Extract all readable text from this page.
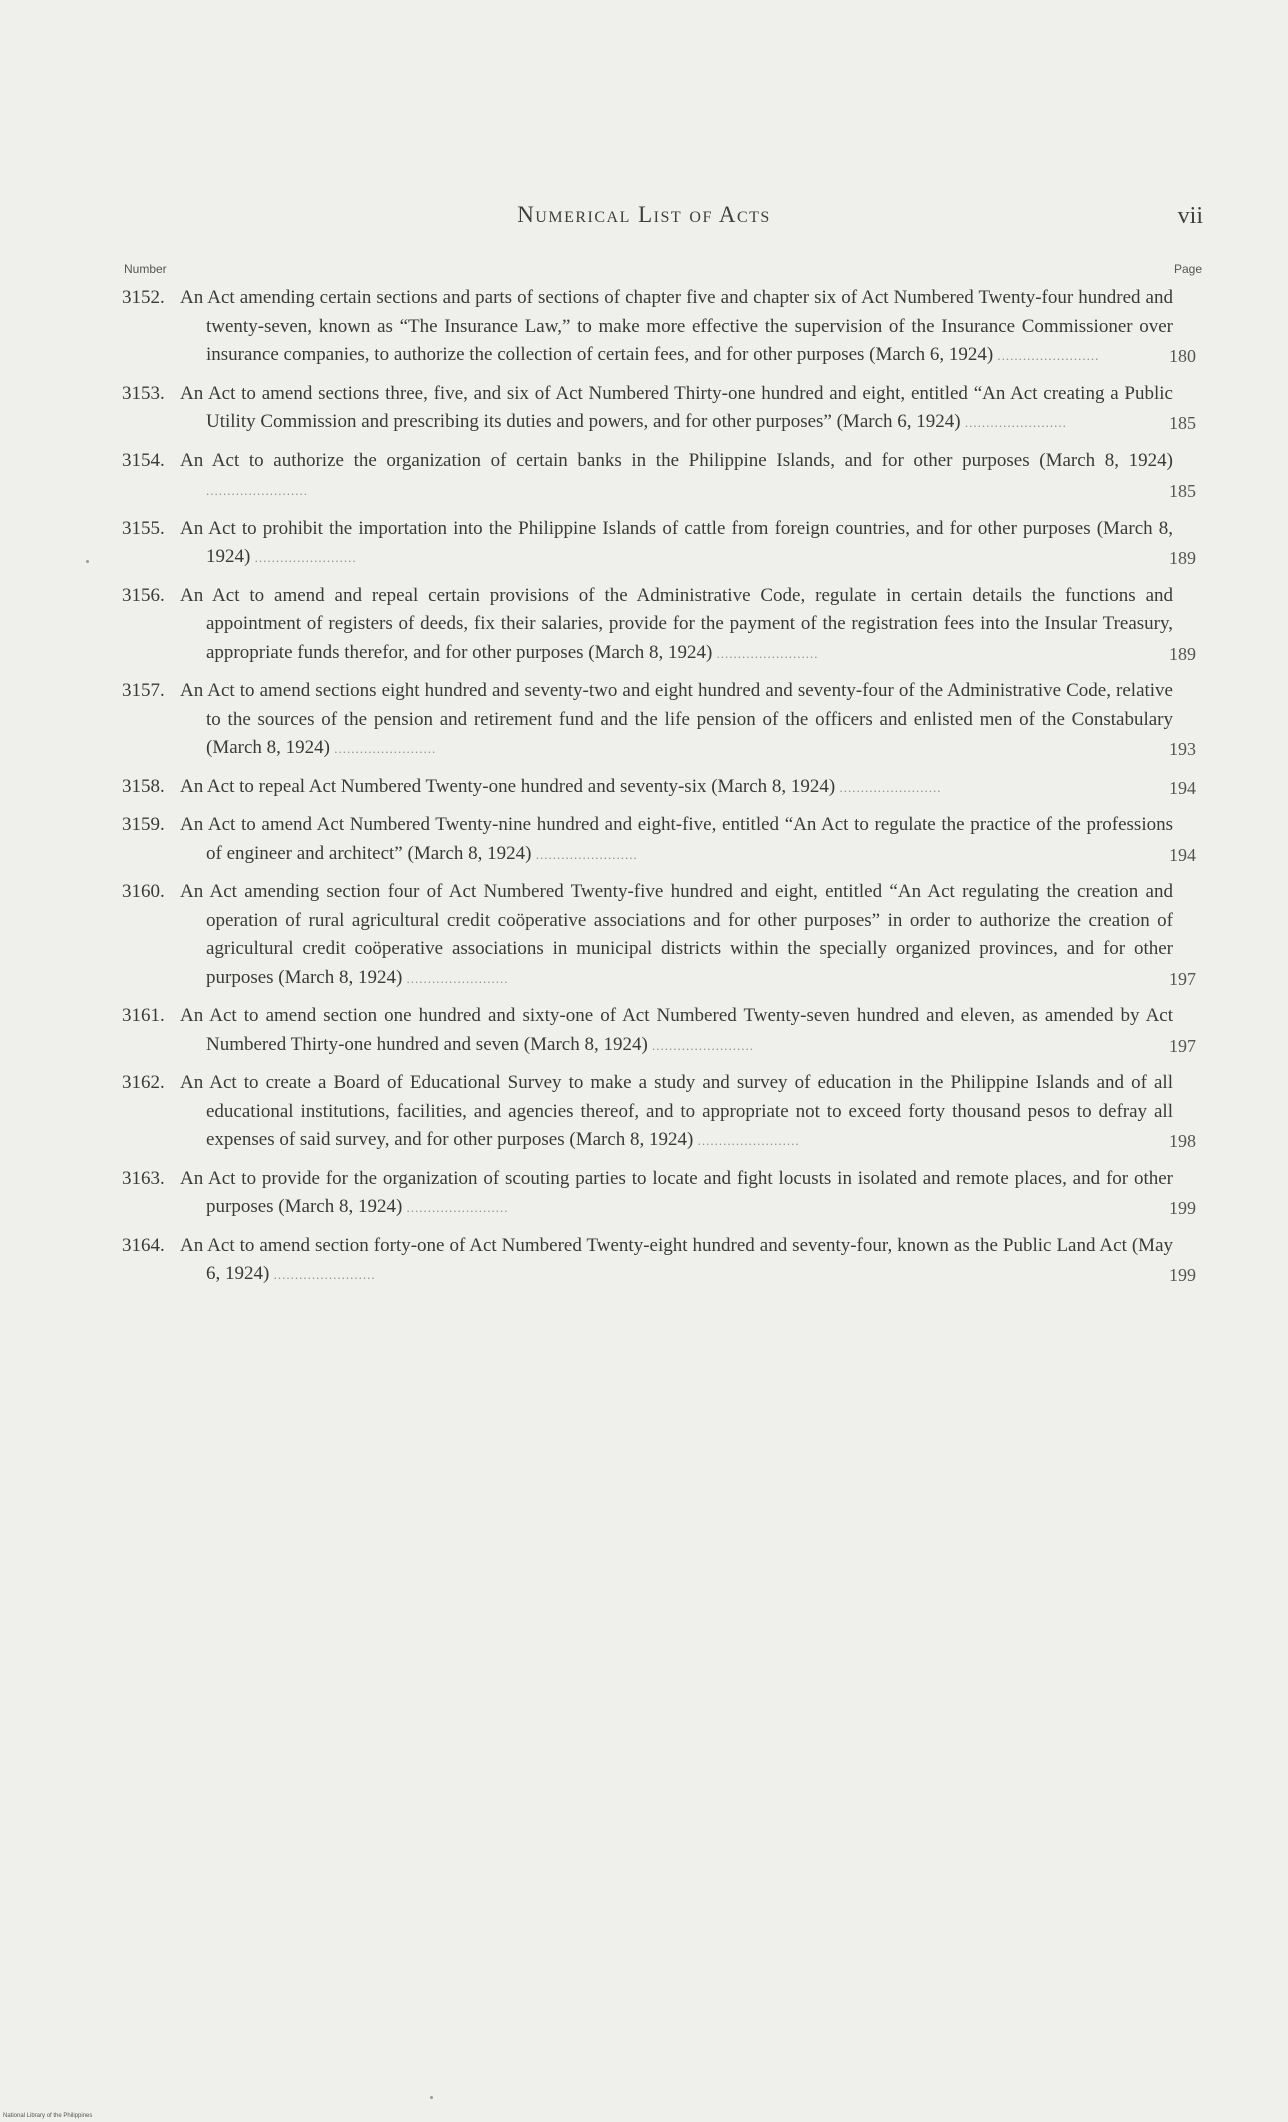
Numerical List of Acts	vii
Number	Page
3152. An Act amending certain sections and parts of sections of chapter five and chapter six of Act Numbered Twenty-four hundred and twenty-seven, known as “The Insurance Law,” to make more effective the supervision of the Insurance Commissioner over insurance companies, to authorize the collection of certain fees, and for other purposes (March 6, 1924) ........................	180
3153. An Act to amend sections three, five, and six of Act Numbered Thirty-one hundred and eight, entitled “An Act creating a Public Utility Commission and prescribing its duties and powers, and for other purposes” (March 6, 1924) ........................	185
3154. An Act to authorize the organization of certain banks in the Philippine Islands, and for other purposes (March 8, 1924) ........................	185
3155. An Act to prohibit the importation into the Philippine Islands of cattle from foreign countries, and for other purposes (March 8, 1924) ........................	189
3156. An Act to amend and repeal certain provisions of the Administrative Code, regulate in certain details the functions and appointment of registers of deeds, fix their salaries, provide for the payment of the registration fees into the Insular Treasury, appropriate funds therefor, and for other purposes (March 8, 1924) ........................	189
3157. An Act to amend sections eight hundred and seventy-two and eight hundred and seventy-four of the Administrative Code, relative to the sources of the pension and retirement fund and the life pension of the officers and enlisted men of the Constabulary (March 8, 1924) ........................	193
3158. An Act to repeal Act Numbered Twenty-one hundred and seventy-six (March 8, 1924) ........................	194
3159. An Act to amend Act Numbered Twenty-nine hundred and eight-five, entitled “An Act to regulate the practice of the professions of engineer and architect” (March 8, 1924) ........................	194
3160. An Act amending section four of Act Numbered Twenty-five hundred and eight, entitled “An Act regulating the creation and operation of rural agricultural credit coöperative associations and for other purposes” in order to authorize the creation of agricultural credit coöperative associations in municipal districts within the specially organized provinces, and for other purposes (March 8, 1924) ........................	197
3161. An Act to amend section one hundred and sixty-one of Act Numbered Twenty-seven hundred and eleven, as amended by Act Numbered Thirty-one hundred and seven (March 8, 1924) ........................	197
3162. An Act to create a Board of Educational Survey to make a study and survey of education in the Philippine Islands and of all educational institutions, facilities, and agencies thereof, and to appropriate not to exceed forty thousand pesos to defray all expenses of said survey, and for other purposes (March 8, 1924) ........................	198
3163. An Act to provide for the organization of scouting parties to locate and fight locusts in isolated and remote places, and for other purposes (March 8, 1924) ........................	199
3164. An Act to amend section forty-one of Act Numbered Twenty-eight hundred and seventy-four, known as the Public Land Act (May 6, 1924) ........................	199
National Library of the Philippines
